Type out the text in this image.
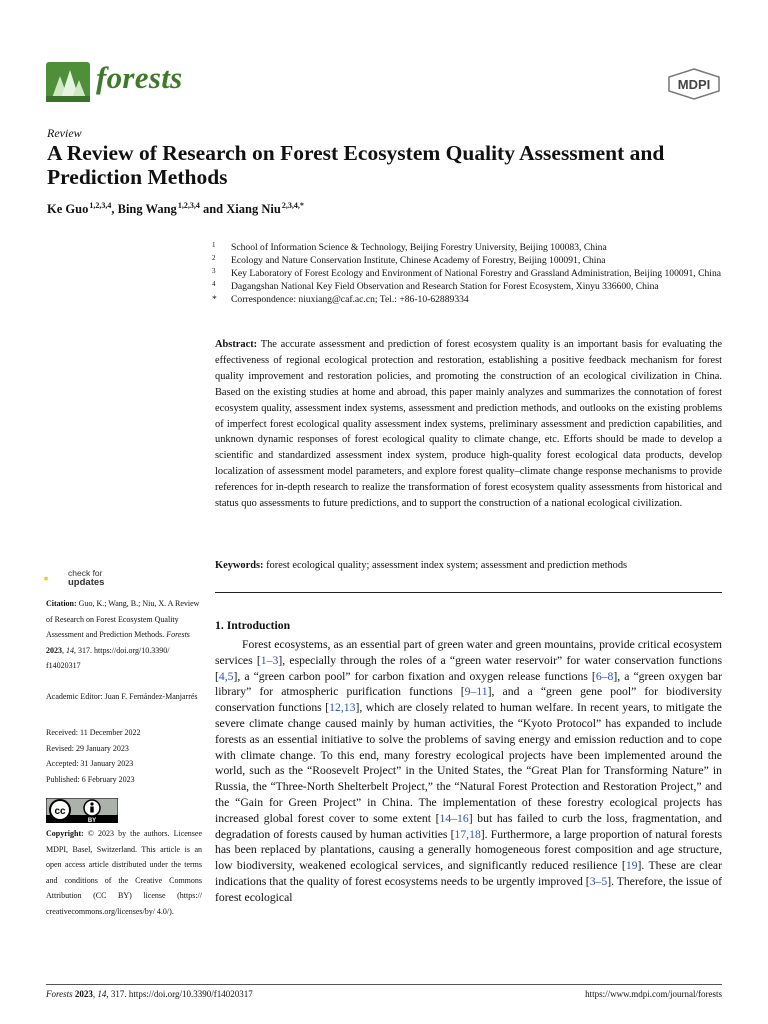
forests	MDPI
Review
A Review of Research on Forest Ecosystem Quality Assessment and Prediction Methods
Ke Guo $^{1,2,3,4}$, Bing Wang $^{1,2,3,4}$ and Xiang Niu $^{2,3,4,*}$
1 School of Information Science & Technology, Beijing Forestry University, Beijing 100083, China
2 Ecology and Nature Conservation Institute, Chinese Academy of Forestry, Beijing 100091, China
3 Key Laboratory of Forest Ecology and Environment of National Forestry and Grassland Administration, Beijing 100091, China
4 Dagangshan National Key Field Observation and Research Station for Forest Ecosystem, Xinyu 336600, China
* Correspondence: niuxiang@caf.ac.cn; Tel.: +86-10-62889334
Abstract: The accurate assessment and prediction of forest ecosystem quality is an important basis for evaluating the effectiveness of regional ecological protection and restoration, establishing a positive feedback mechanism for forest quality improvement and restoration policies, and promoting the construction of an ecological civilization in China. Based on the existing studies at home and abroad, this paper mainly analyzes and summarizes the connotation of forest ecosystem quality, assessment index systems, assessment and prediction methods, and outlooks on the existing problems of imperfect forest ecological quality assessment index systems, preliminary assessment and prediction capabilities, and unknown dynamic responses of forest ecological quality to climate change, etc. Efforts should be made to develop a scientific and standardized assessment index system, produce high-quality forest ecological data products, develop localization of assessment model parameters, and explore forest quality–climate change response mechanisms to provide references for in-depth research to realize the transformation of forest ecosystem quality assessments from historical and status quo assessments to future predictions, and to support the construction of a national ecological civilization.
Keywords: forest ecological quality; assessment index system; assessment and prediction methods
check for
updates
Citation: Guo, K.; Wang, B.; Niu, X. A Review of Research on Forest Ecosystem Quality Assessment and Prediction Methods. Forests 2023, 14, 317. https://doi.org/10.3390/ f14020317
Academic Editor: Juan F. Fernández-Manjarrés
Received: 11 December 2022
Revised: 29 January 2023
Accepted: 31 January 2023
Published: 6 February 2023
cc
BY
Copyright: © 2023 by the authors. Licensee MDPI, Basel, Switzerland. This article is an open access article distributed under the terms and conditions of the Creative Commons Attribution (CC BY) license (https:// creativecommons.org/licenses/by/ 4.0/).
1. Introduction
Forest ecosystems, as an essential part of green water and green mountains, provide critical ecosystem services [1–3], especially through the roles of a “green water reservoir” for water conservation functions [4,5], a “green carbon pool” for carbon fixation and oxygen release functions [6–8], a “green oxygen bar library” for atmospheric purification functions [9–11], and a “green gene pool” for biodiversity conservation functions [12,13], which are closely related to human welfare. In recent years, to mitigate the severe climate change caused mainly by human activities, the “Kyoto Protocol” has expanded to include forests as an essential initiative to solve the problems of saving energy and emission reduction and to cope with climate change. To this end, many forestry ecological projects have been implemented around the world, such as the “Roosevelt Project” in the United States, the “Great Plan for Transforming Nature” in Russia, the “Three-North Shelterbelt Project,” the “Natural Forest Protection and Restoration Project,” and the “Gain for Green Project” in China. The implementation of these forestry ecological projects has increased global forest cover to some extent [14–16] but has failed to curb the loss, fragmentation, and degradation of forests caused by human activities [17,18]. Furthermore, a large proportion of natural forests has been replaced by plantations, causing a generally homogeneous forest composition and age structure, low biodiversity, weakened ecological services, and significantly reduced resilience [19]. These are clear indications that the quality of forest ecosystems needs to be urgently improved [3–5]. Therefore, the issue of forest ecological
Forests 2023, 14, 317. https://doi.org/10.3390/f14020317	https://www.mdpi.com/journal/forests
